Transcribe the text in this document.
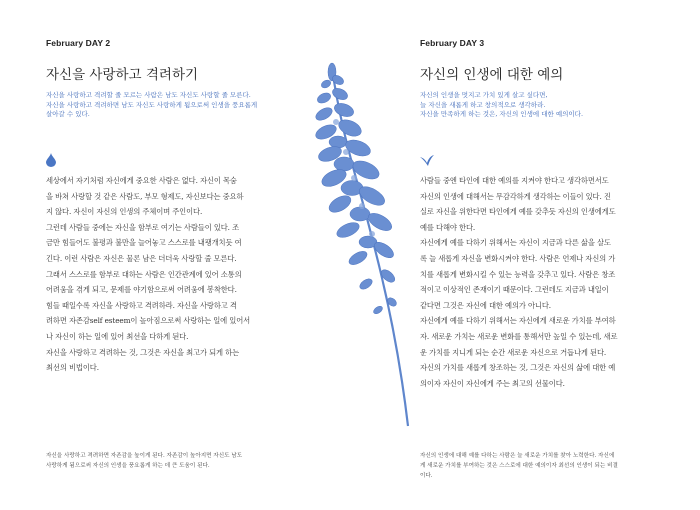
February DAY 2
자신을 사랑하고 격려하기
자신을 사랑하고 격려할 줄 모르는 사람은 남도 자신도 사랑할 줄 모른다.
자신을 사랑하고 격려하면 남도 자신도 사랑하게 됨으로써 인생을 풍요롭게
살아갈 수 있다.
세상에서 자기처럼 자신에게 중요한 사람은 없다. 자신이 목숨
을 바쳐 사랑할 것 같은 사람도, 부모 형제도, 자신보다는 중요하
지 않다. 자신이 자신의 인생의 주체이며 주인이다.
그런데 사람들 중에는 자신을 함부로 여기는 사람들이 있다. 조
금만 힘들어도 불평과 불만을 늘어놓고 스스로를 내팽개치듯 여
긴다. 이런 사람은 자신은 물론 남은 더더욱 사랑할 줄 모른다.
그래서 스스로를 함부로 대하는 사람은 인간관계에 있어 소통의
어려움을 겪게 되고, 문제를 야기함으로써 어려움에 봉착한다.
힘들 때일수록 자신을 사랑하고 격려하라. 자신을 사랑하고 격
려하면 자존감self esteem이 높아짐으로써 사랑하는 일에 있어서
나 자신이 하는 일에 있어 최선을 다하게 된다.
자신을 사랑하고 격려하는 것, 그것은 자신을 최고가 되게 하는
최선의 비법이다.
자신을 사랑하고 격려하면 자존감을 높이게 된다. 자존감이 높아지면 자신도 남도
사랑하게 됨으로써 자신의 인생을 풍요롭게 하는 데 큰 도움이 된다.
February DAY 3
자신의 인생에 대한 예의
자신의 인생을 멋지고 가치 있게 살고 싶다면,
늘 자신을 새롭게 하고 창의적으로 생각하라.
자신을 만족하게 하는 것은, 자신의 인생에 대한 예의이다.
사람들 중엔 타인에 대한 예의를 지켜야 한다고 생각하면서도
자신의 인생에 대해서는 무감각하게 생각하는 이들이 있다. 진
실로 자신을 위한다면 타인에게 예를 갖추듯 자신의 인생에게도
예를 다해야 한다.
자신에게 예를 다하기 위해서는 자신이 지금과 다른 삶을 살도
록 늘 새롭게 자신을 변화시켜야 한다. 사람은 언제나 자신의 가
치를 새롭게 변화시킬 수 있는 능력을 갖추고 있다. 사람은 창조
적이고 이상적인 존재이기 때문이다. 그런데도 지금과 내일이
같다면 그것은 자신에 대한 예의가 아니다.
자신에게 예를 다하기 위해서는 자신에게 새로운 가치를 부여하
자. 새로운 가치는 새로운 변화를 통해서만 높일 수 있는데, 새로
운 가치를 지니게 되는 순간 새로운 자신으로 거듭나게 된다.
자신의 가치를 새롭게 창조하는 것, 그것은 자신의 삶에 대한 예
의이자 자신이 자신에게 주는 최고의 선물이다.
자신의 인생에 대해 예를 다하는 사람은 늘 새로운 가치를 찾아 노력한다. 자신에
게 새로운 가치를 부여하는 것은 스스로에 대한 예의이자 최선의 인생이 되는 비결
이다.
